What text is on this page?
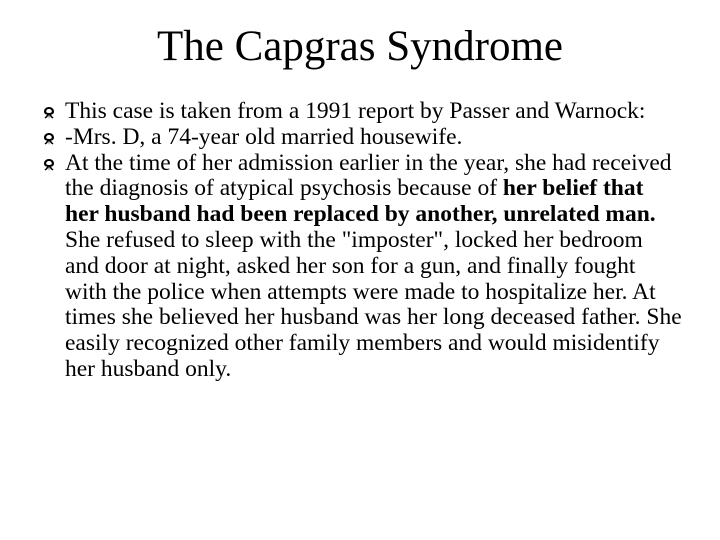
The Capgras Syndrome
This case is taken from a 1991 report by Passer and Warnock:
-Mrs. D, a 74-year old married housewife.
At the time of her admission earlier in the year, she had received the diagnosis of atypical psychosis because of her belief that her husband had been replaced by another, unrelated man. She refused to sleep with the "imposter", locked her bedroom and door at night, asked her son for a gun, and finally fought with the police when attempts were made to hospitalize her. At times she believed her husband was her long deceased father. She easily recognized other family members and would misidentify her husband only.
